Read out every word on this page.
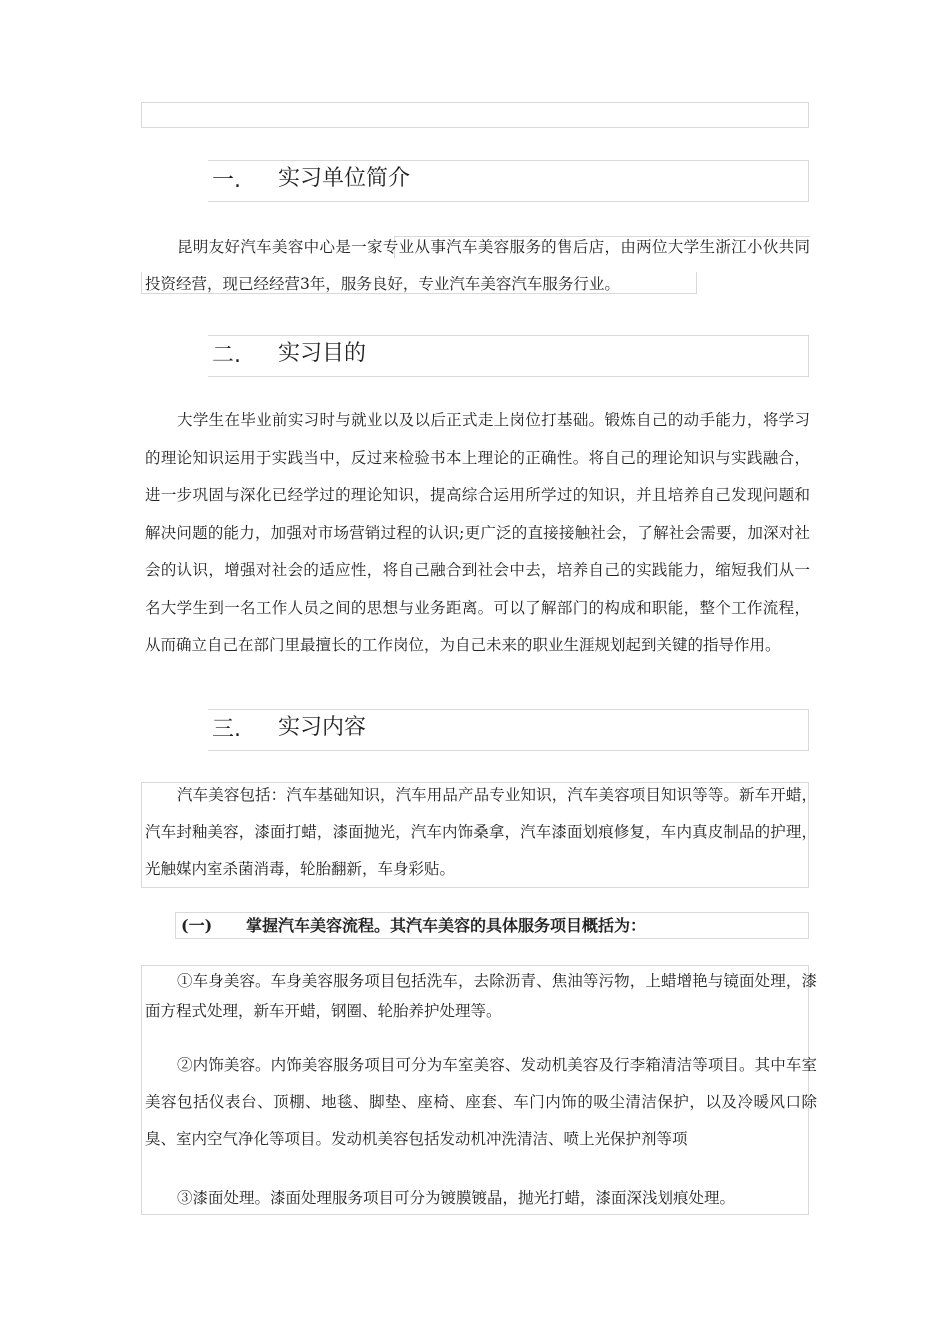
一. 实习单位简介

昆明友好汽车美容中心是一家专业从事汽车美容服务的售后店，由两位大学生浙江小伙共同投资经营，现已经经营3年，服务良好，专业汽车美容汽车服务行业。

二. 实习目的

大学生在毕业前实习时与就业以及以后正式走上岗位打基础。锻炼自己的动手能力，将学习的理论知识运用于实践当中，反过来检验书本上理论的正确性。将自己的理论知识与实践融合，进一步巩固与深化已经学过的理论知识，提高综合运用所学过的知识，并且培养自己发现问题和解决问题的能力，加强对市场营销过程的认识;更广泛的直接接触社会，了解社会需要，加深对社会的认识，增强对社会的适应性，将自己融合到社会中去，培养自己的实践能力，缩短我们从一名大学生到一名工作人员之间的思想与业务距离。可以了解部门的构成和职能，整个工作流程，从而确立自己在部门里最擅长的工作岗位，为自己未来的职业生涯规划起到关键的指导作用。

三. 实习内容

汽车美容包括：汽车基础知识，汽车用品产品专业知识，汽车美容项目知识等等。新车开蜡，汽车封釉美容，漆面打蜡，漆面抛光，汽车内饰桑拿，汽车漆面划痕修复，车内真皮制品的护理，光触媒内室杀菌消毒，轮胎翻新，车身彩贴。

(一) 掌握汽车美容流程。其汽车美容的具体服务项目概括为：

①车身美容。车身美容服务项目包括洗车，去除沥青、焦油等污物，上蜡增艳与镜面处理，漆面方程式处理，新车开蜡，钢圈、轮胎养护处理等。

②内饰美容。内饰美容服务项目可分为车室美容、发动机美容及行李箱清洁等项目。其中车室美容包括仪表台、顶棚、地毯、脚垫、座椅、座套、车门内饰的吸尘清洁保护，以及冷暖风口除臭、室内空气净化等项目。发动机美容包括发动机冲洗清洁、喷上光保护剂等项

③漆面处理。漆面处理服务项目可分为镀膜镀晶，抛光打蜡，漆面深浅划痕处理。
